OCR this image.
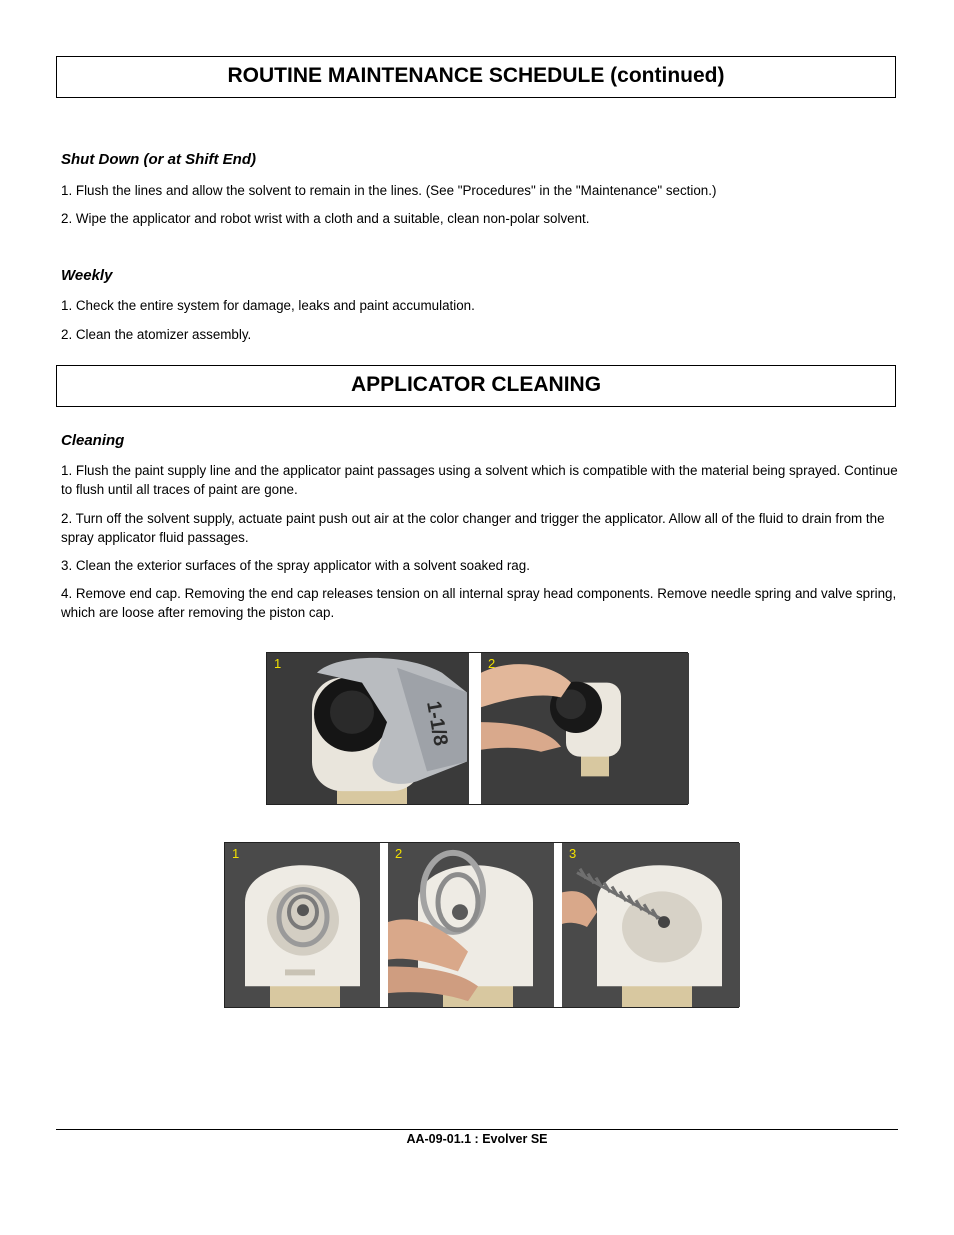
ROUTINE MAINTENANCE SCHEDULE (continued)
Shut Down (or at Shift End)
1. Flush the lines and allow the solvent to remain in the lines. (See "Procedures" in the "Maintenance" section.)
2. Wipe the applicator and robot wrist with a cloth and a suitable, clean non-polar solvent.
Weekly
1. Check the entire system for damage, leaks and paint accumulation.
2. Clean the atomizer assembly.
APPLICATOR CLEANING
Cleaning
1. Flush the paint supply line and the applicator paint passages using a solvent which is compatible with the material being sprayed. Continue to flush until all traces of paint are gone.
2. Turn off the solvent supply, actuate paint push out air at the color changer and trigger the applicator. Allow all of the fluid to drain from the spray applicator fluid passages.
3. Clean the exterior surfaces of the spray applicator with a solvent soaked rag.
4. Remove end cap. Removing the end cap releases tension on all internal spray head components. Remove needle spring and valve spring, which are loose after removing the piston cap.
1-1/8
1	2
1	2	3
AA-09-01.1 : Evolver SE
